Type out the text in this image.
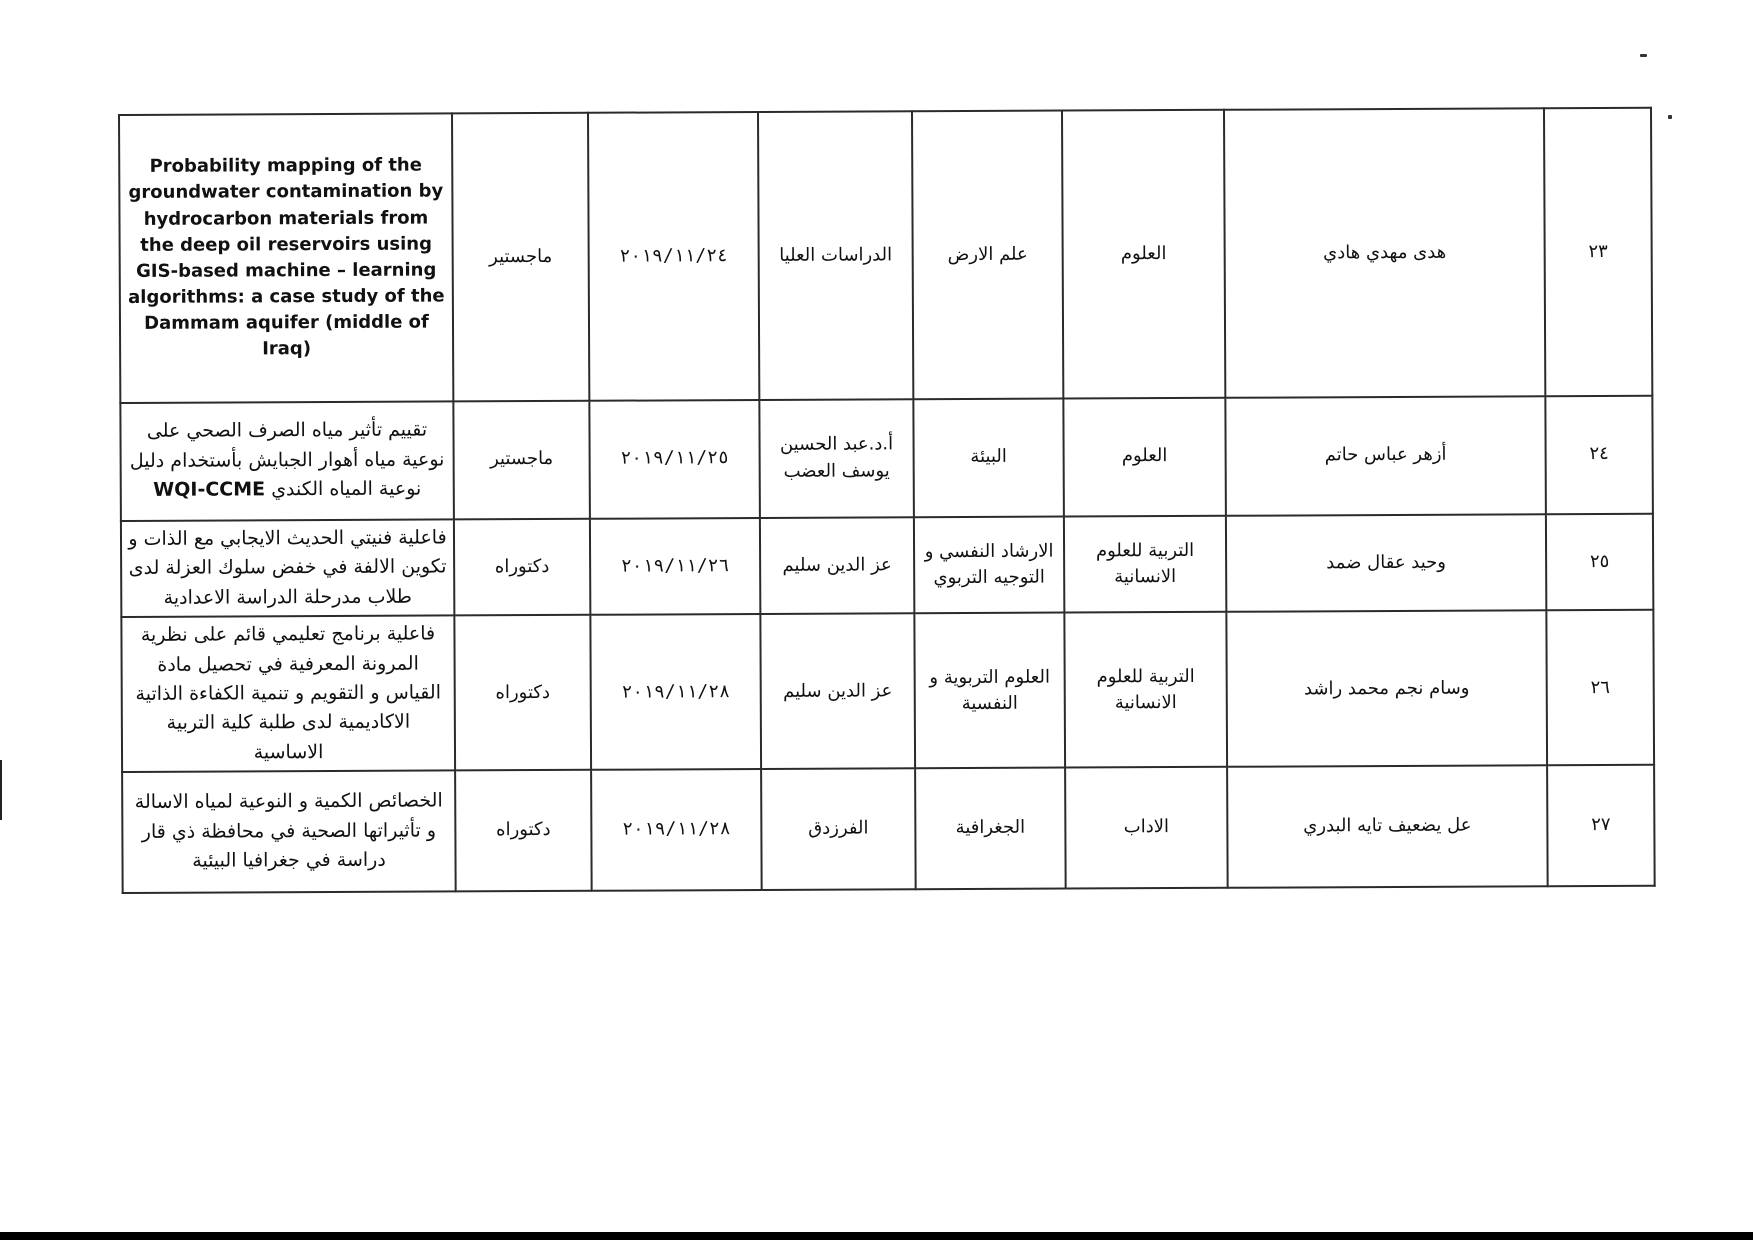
Probability mapping of the groundwater contamination by hydrocarbon materials from the deep oil reservoirs using GIS-based machine – learning algorithms: a case study of the Dammam aquifer (middle of Iraq)	ماجستير	٢٠١٩/١١/٢٤	الدراسات العليا	علم الارض	العلوم	هدى مهدي هادي	٢٣
تقييم تأثير مياه الصرف الصحي على نوعية مياه أهوار الجبايش بأستخدام دليل نوعية المياه الكندي WQI-CCME	ماجستير	٢٠١٩/١١/٢٥	أ.د.عبد الحسين يوسف العضب	البيئة	العلوم	أزهر عباس حاتم	٢٤
فاعلية فنيتي الحديث الايجابي مع الذات و تكوين الالفة في خفض سلوك العزلة لدى طلاب مدرحلة الدراسة الاعدادية	دكتوراه	٢٠١٩/١١/٢٦	عز الدين سليم	الارشاد النفسي و التوجيه التربوي	التربية للعلوم الانسانية	وحيد عقال ضمد	٢٥
فاعلية برنامج تعليمي قائم على نظرية المرونة المعرفية في تحصيل مادة القياس و التقويم و تنمية الكفاءة الذاتية الاكاديمية لدى طلبة كلية التربية الاساسية	دكتوراه	٢٠١٩/١١/٢٨	عز الدين سليم	العلوم التربوية و النفسية	التربية للعلوم الانسانية	وسام نجم محمد راشد	٢٦
الخصائص الكمية و النوعية لمياه الاسالة و تأثيراتها الصحية في محافظة ذي قار دراسة في جغرافيا البيئية	دكتوراه	٢٠١٩/١١/٢٨	الفرزدق	الجغرافية	الاداب	عل يضعيف تايه البدري	٢٧
